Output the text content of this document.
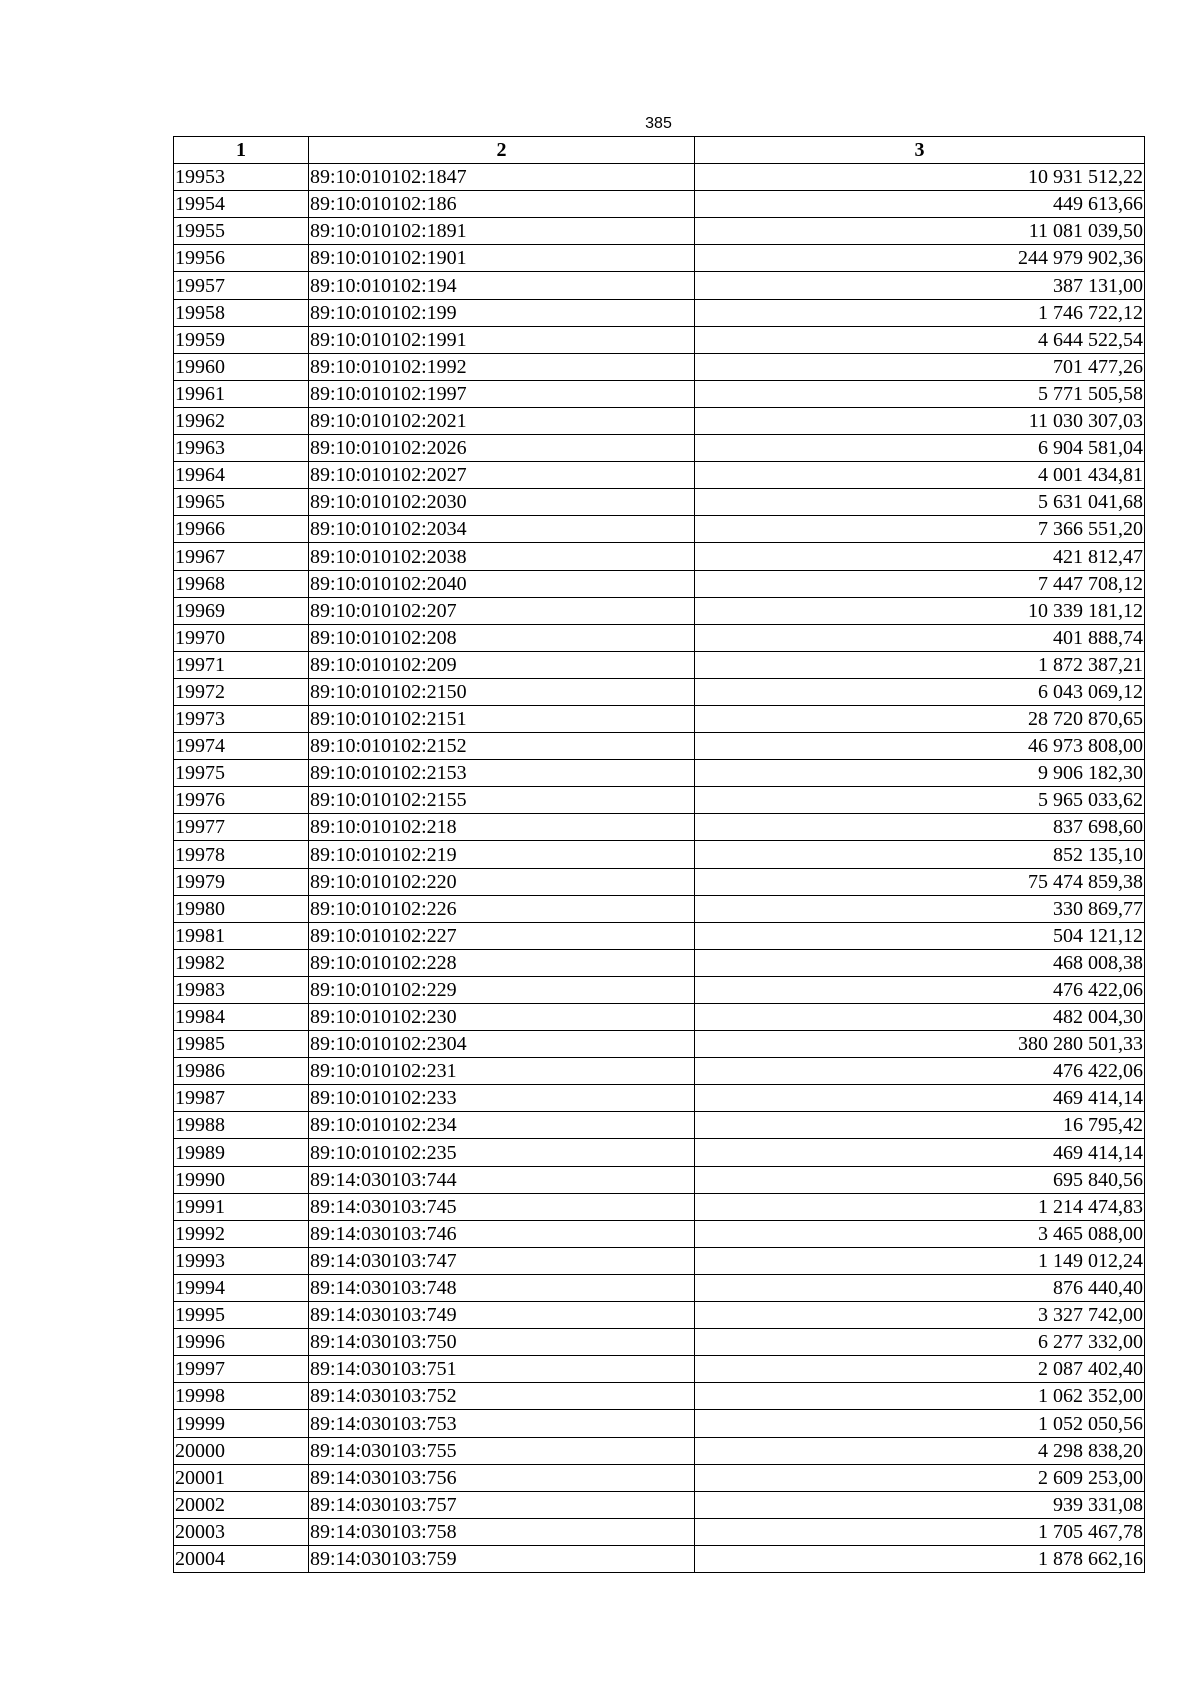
385
1	2	3
19953	89:10:010102:1847	10 931 512,22
19954	89:10:010102:186	449 613,66
19955	89:10:010102:1891	11 081 039,50
19956	89:10:010102:1901	244 979 902,36
19957	89:10:010102:194	387 131,00
19958	89:10:010102:199	1 746 722,12
19959	89:10:010102:1991	4 644 522,54
19960	89:10:010102:1992	701 477,26
19961	89:10:010102:1997	5 771 505,58
19962	89:10:010102:2021	11 030 307,03
19963	89:10:010102:2026	6 904 581,04
19964	89:10:010102:2027	4 001 434,81
19965	89:10:010102:2030	5 631 041,68
19966	89:10:010102:2034	7 366 551,20
19967	89:10:010102:2038	421 812,47
19968	89:10:010102:2040	7 447 708,12
19969	89:10:010102:207	10 339 181,12
19970	89:10:010102:208	401 888,74
19971	89:10:010102:209	1 872 387,21
19972	89:10:010102:2150	6 043 069,12
19973	89:10:010102:2151	28 720 870,65
19974	89:10:010102:2152	46 973 808,00
19975	89:10:010102:2153	9 906 182,30
19976	89:10:010102:2155	5 965 033,62
19977	89:10:010102:218	837 698,60
19978	89:10:010102:219	852 135,10
19979	89:10:010102:220	75 474 859,38
19980	89:10:010102:226	330 869,77
19981	89:10:010102:227	504 121,12
19982	89:10:010102:228	468 008,38
19983	89:10:010102:229	476 422,06
19984	89:10:010102:230	482 004,30
19985	89:10:010102:2304	380 280 501,33
19986	89:10:010102:231	476 422,06
19987	89:10:010102:233	469 414,14
19988	89:10:010102:234	16 795,42
19989	89:10:010102:235	469 414,14
19990	89:14:030103:744	695 840,56
19991	89:14:030103:745	1 214 474,83
19992	89:14:030103:746	3 465 088,00
19993	89:14:030103:747	1 149 012,24
19994	89:14:030103:748	876 440,40
19995	89:14:030103:749	3 327 742,00
19996	89:14:030103:750	6 277 332,00
19997	89:14:030103:751	2 087 402,40
19998	89:14:030103:752	1 062 352,00
19999	89:14:030103:753	1 052 050,56
20000	89:14:030103:755	4 298 838,20
20001	89:14:030103:756	2 609 253,00
20002	89:14:030103:757	939 331,08
20003	89:14:030103:758	1 705 467,78
20004	89:14:030103:759	1 878 662,16
